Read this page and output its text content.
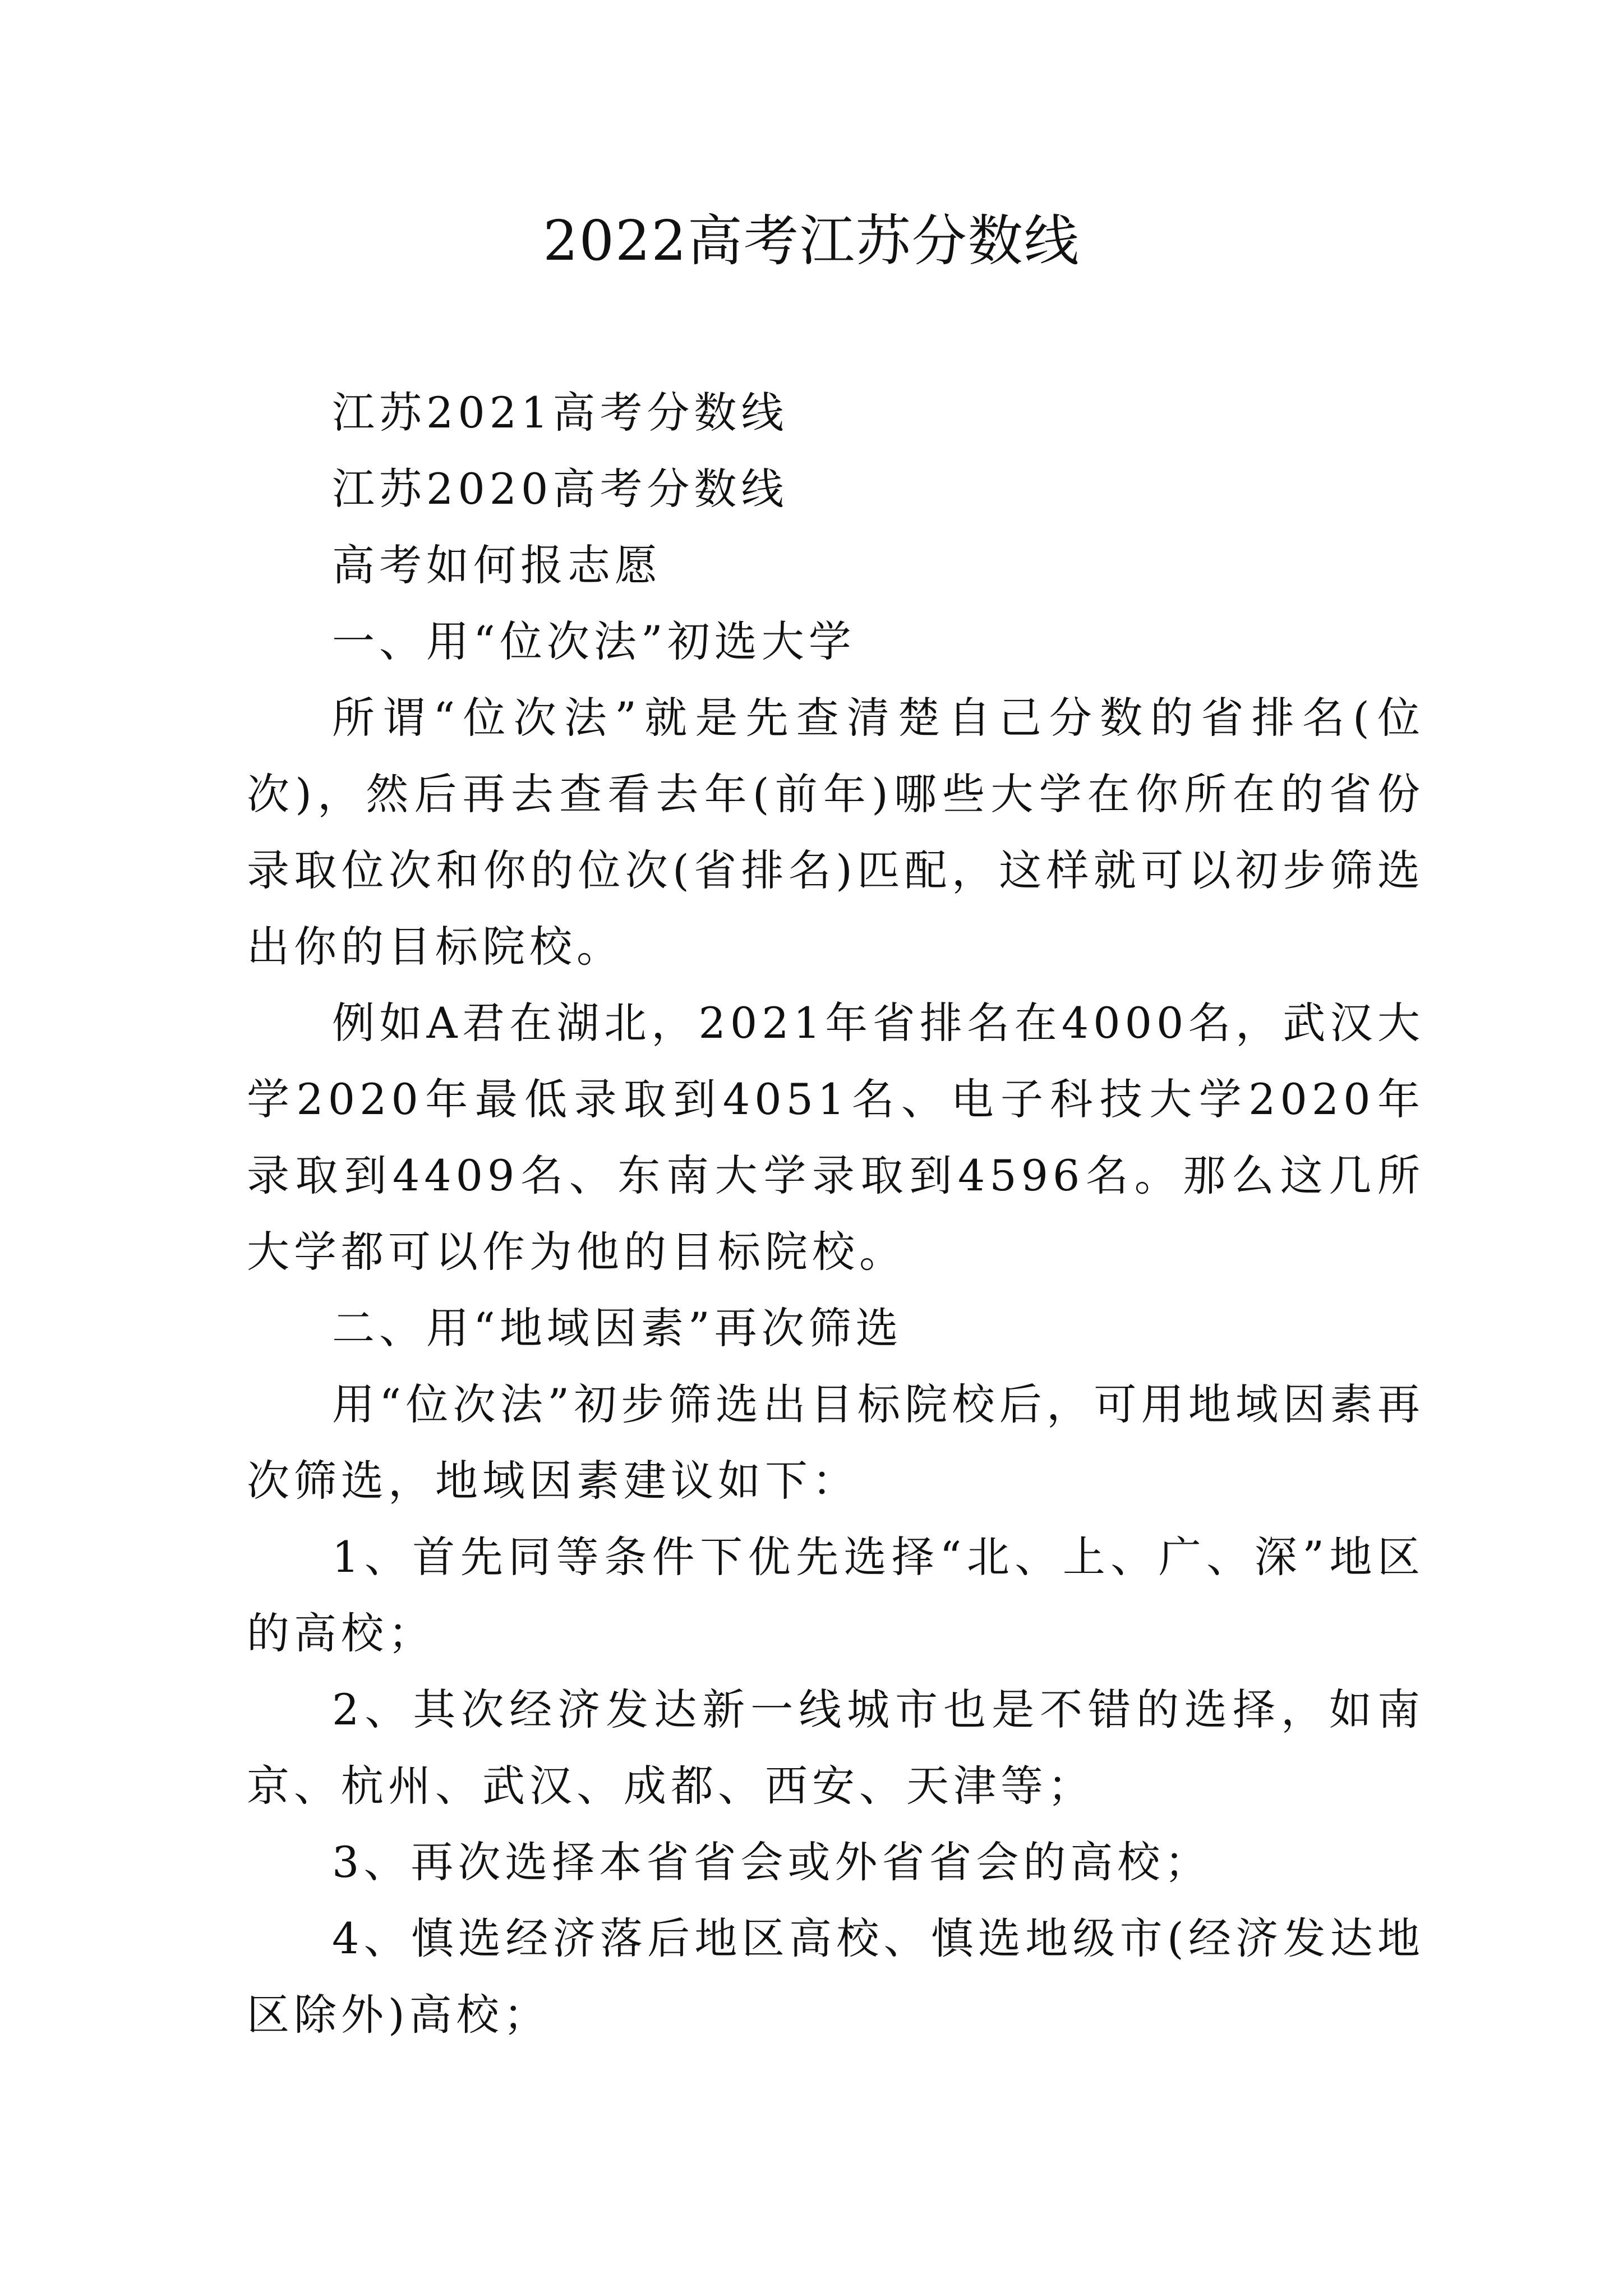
2022高考江苏分数线

江苏2021高考分数线

江苏2020高考分数线

高考如何报志愿

一、用“位次法”初选大学

所谓“位次法”就是先查清楚自己分数的省排名(位次)，然后再去查看去年(前年)哪些大学在你所在的省份录取位次和你的位次(省排名)匹配，这样就可以初步筛选出你的目标院校。

例如A君在湖北，2021年省排名在4000名，武汉大学2020年最低录取到4051名、电子科技大学2020年录取到4409名、东南大学录取到4596名。那么这几所大学都可以作为他的目标院校。

二、用“地域因素”再次筛选

用“位次法”初步筛选出目标院校后，可用地域因素再次筛选，地域因素建议如下：

1、首先同等条件下优先选择“北、上、广、深”地区的高校；

2、其次经济发达新一线城市也是不错的选择，如南京、杭州、武汉、成都、西安、天津等；

3、再次选择本省省会或外省省会的高校；

4、慎选经济落后地区高校、慎选地级市(经济发达地区除外)高校；
